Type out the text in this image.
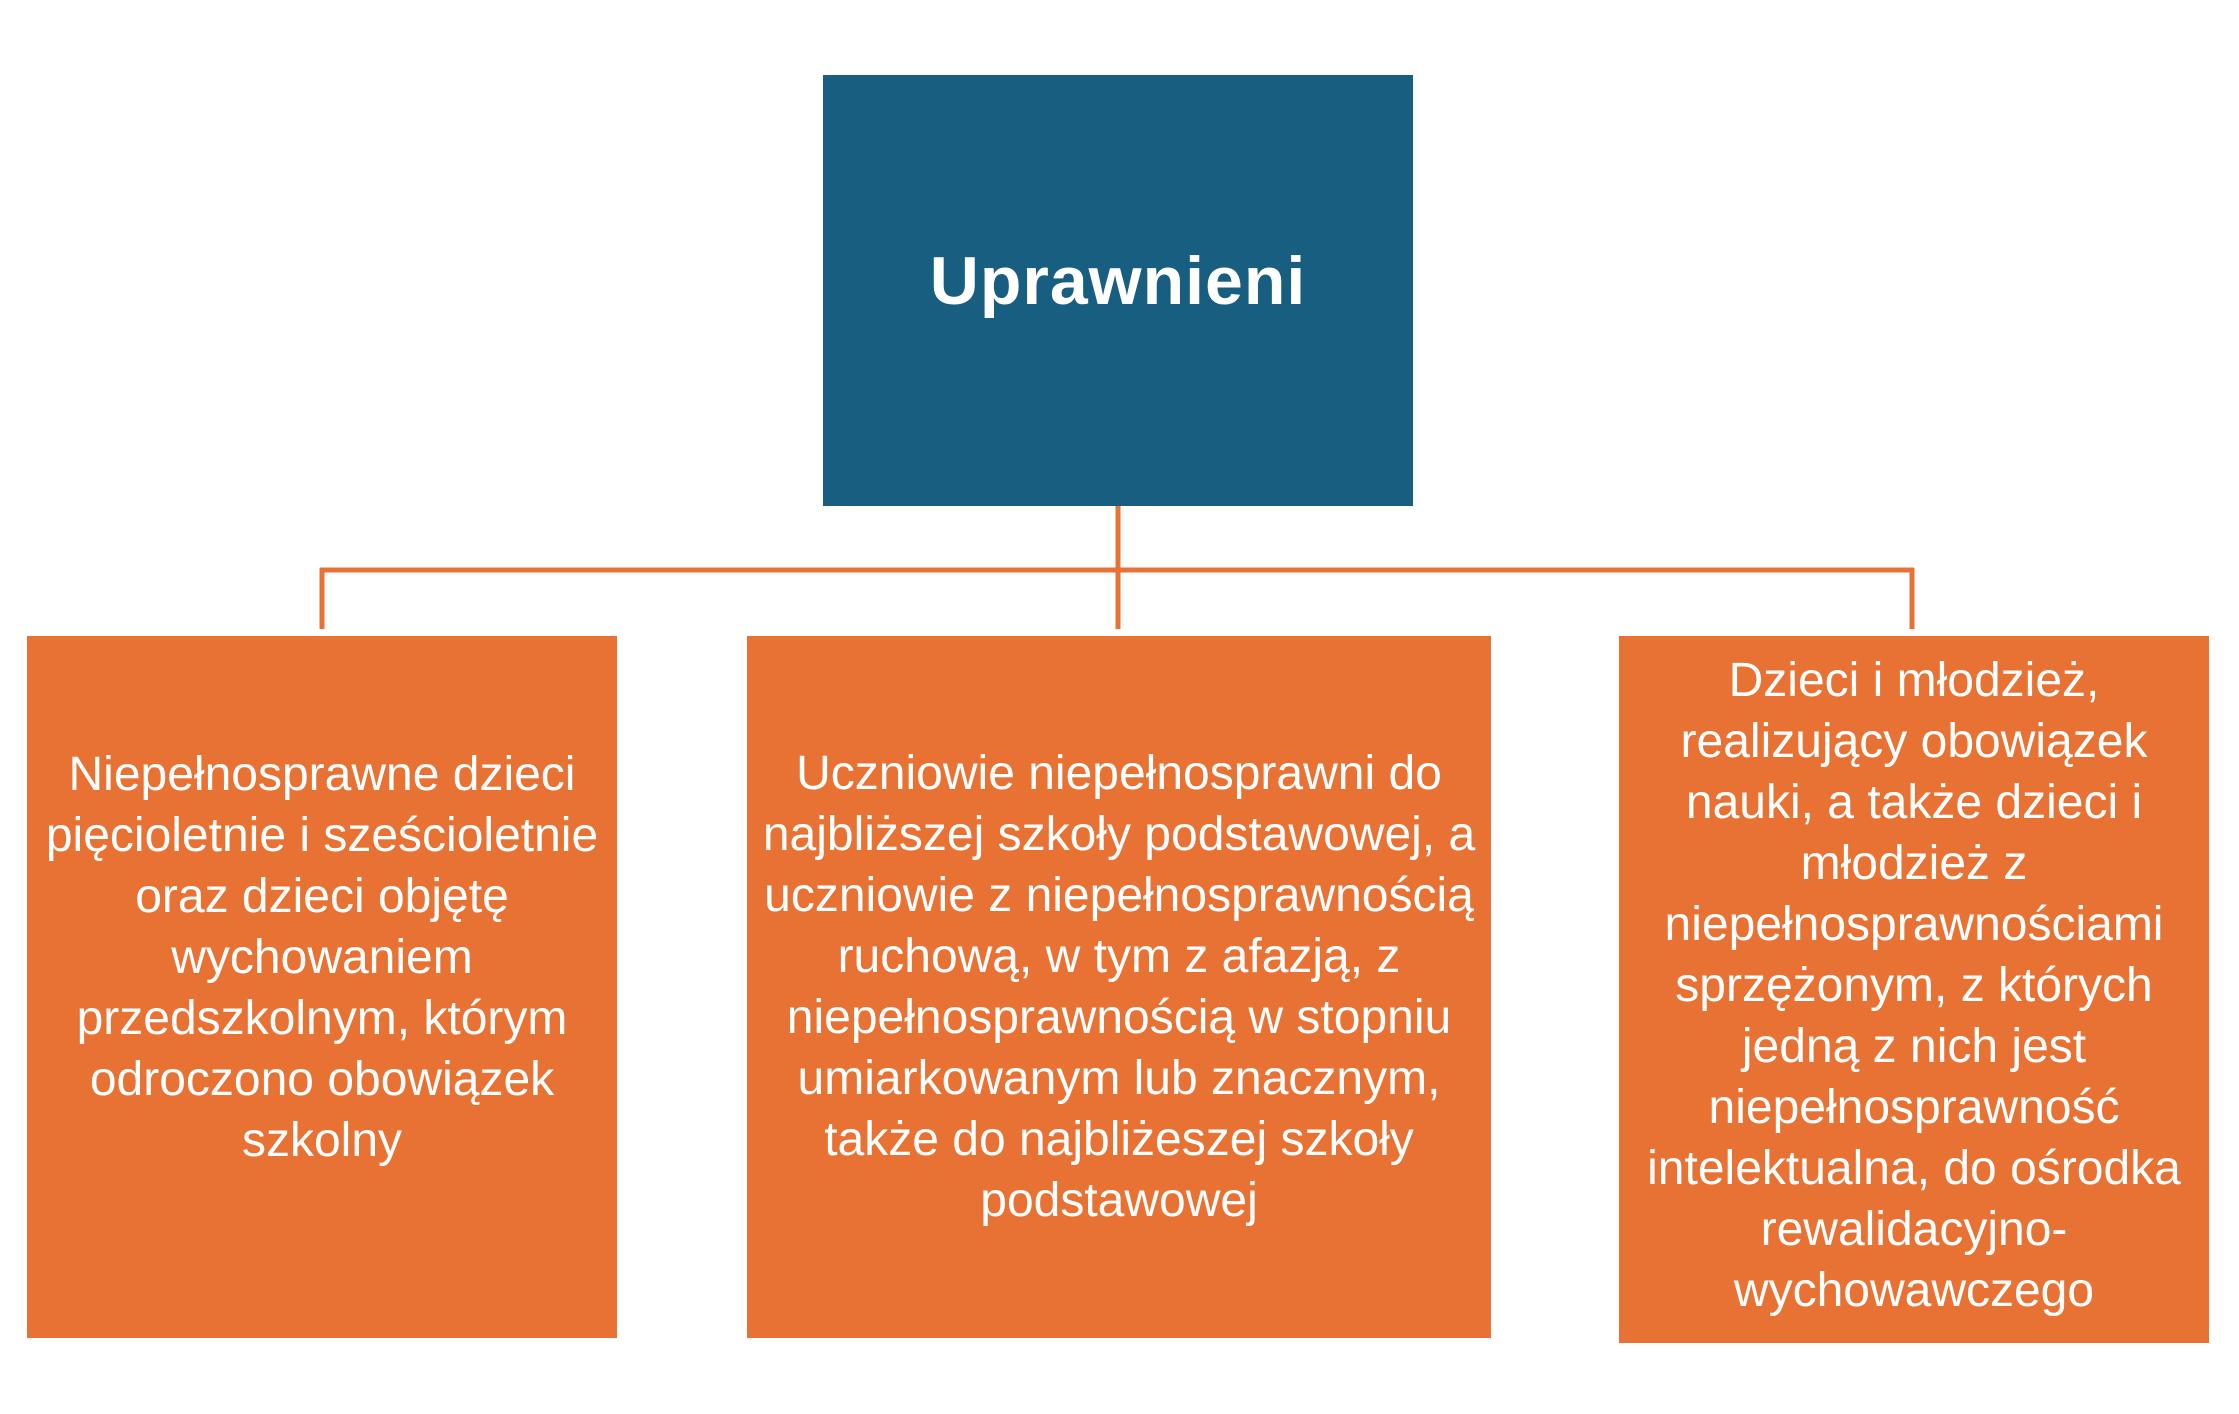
Uprawnieni
Niepełnosprawne dzieci pięcioletnie i sześcioletnie oraz dzieci objętę wychowaniem przedszkolnym, którym odroczono obowiązek szkolny
Uczniowie niepełnosprawni do najbliższej szkoły podstawowej, a uczniowie z niepełnosprawnością ruchową, w tym z afazją, z niepełnosprawnością w stopniu umiarkowanym lub znacznym, także do najbliżeszej szkoły podstawowej
Dzieci i młodzież, realizujący obowiązek nauki, a także dzieci i młodzież z niepełnosprawnościami sprzężonym, z których jedną z nich jest niepełnosprawność intelektualna, do ośrodka rewalidacyjno-wychowawczego
